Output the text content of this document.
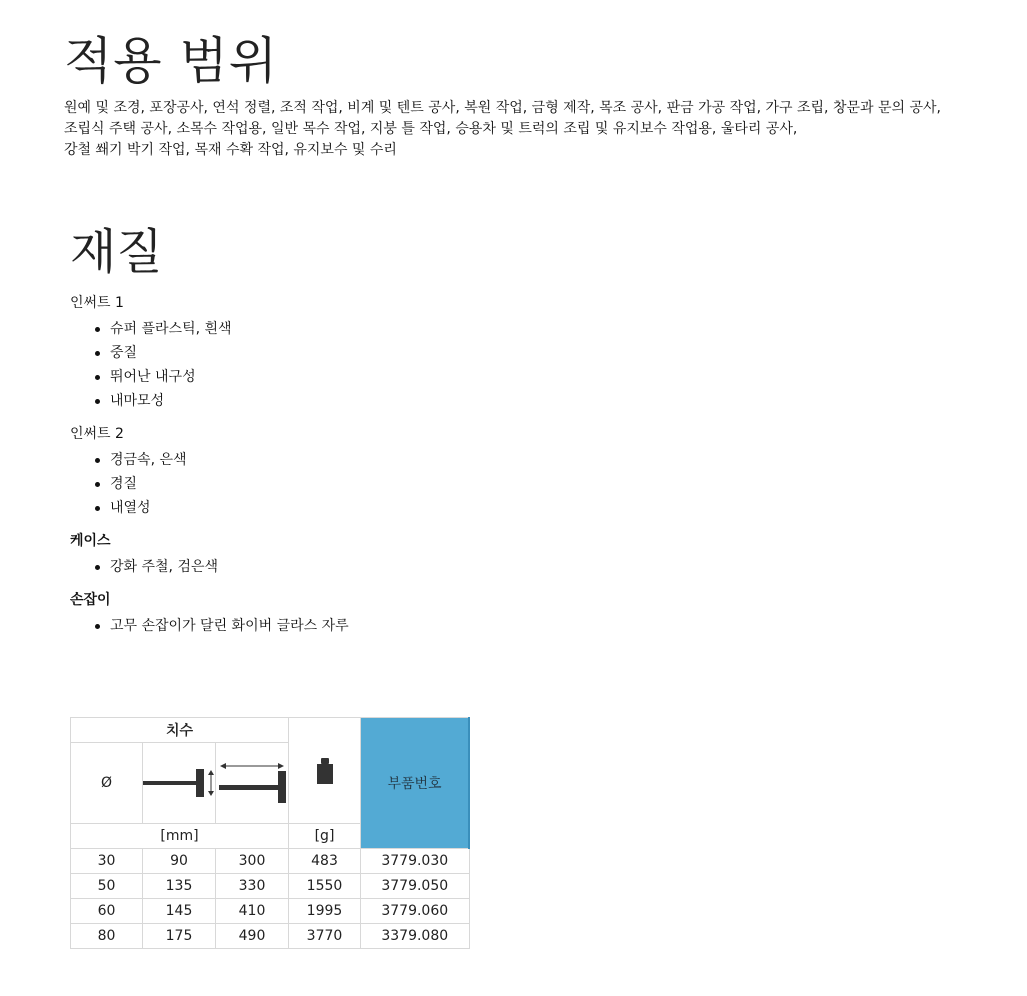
적용 범위

원예 및 조경, 포장공사, 연석 정렬, 조적 작업, 비계 및 텐트 공사, 복원 작업, 금형 제작, 목조 공사, 판금 가공 작업, 가구 조립, 창문과 문의 공사,
조립식 주택 공사, 소목수 작업용, 일반 목수 작업, 지붕 틀 작업, 승용차 및 트럭의 조립 및 유지보수 작업용, 울타리 공사,
강철 쐐기 박기 작업, 목재 수확 작업, 유지보수 및 수리

재질

인써트 1

슈퍼 플라스틱, 흰색
중질
뛰어난 내구성
내마모성

인써트 2

경금속, 은색
경질
내열성

케이스

강화 주철, 검은색

손잡이

고무 손잡이가 달린 화이버 글라스 자루
치수				부품번호
Ø	

[mm]			[g]	
30	90	300	483	3779.030
50	135	330	1550	3779.050
60	145	410	1995	3779.060
80	175	490	3770	3379.080
